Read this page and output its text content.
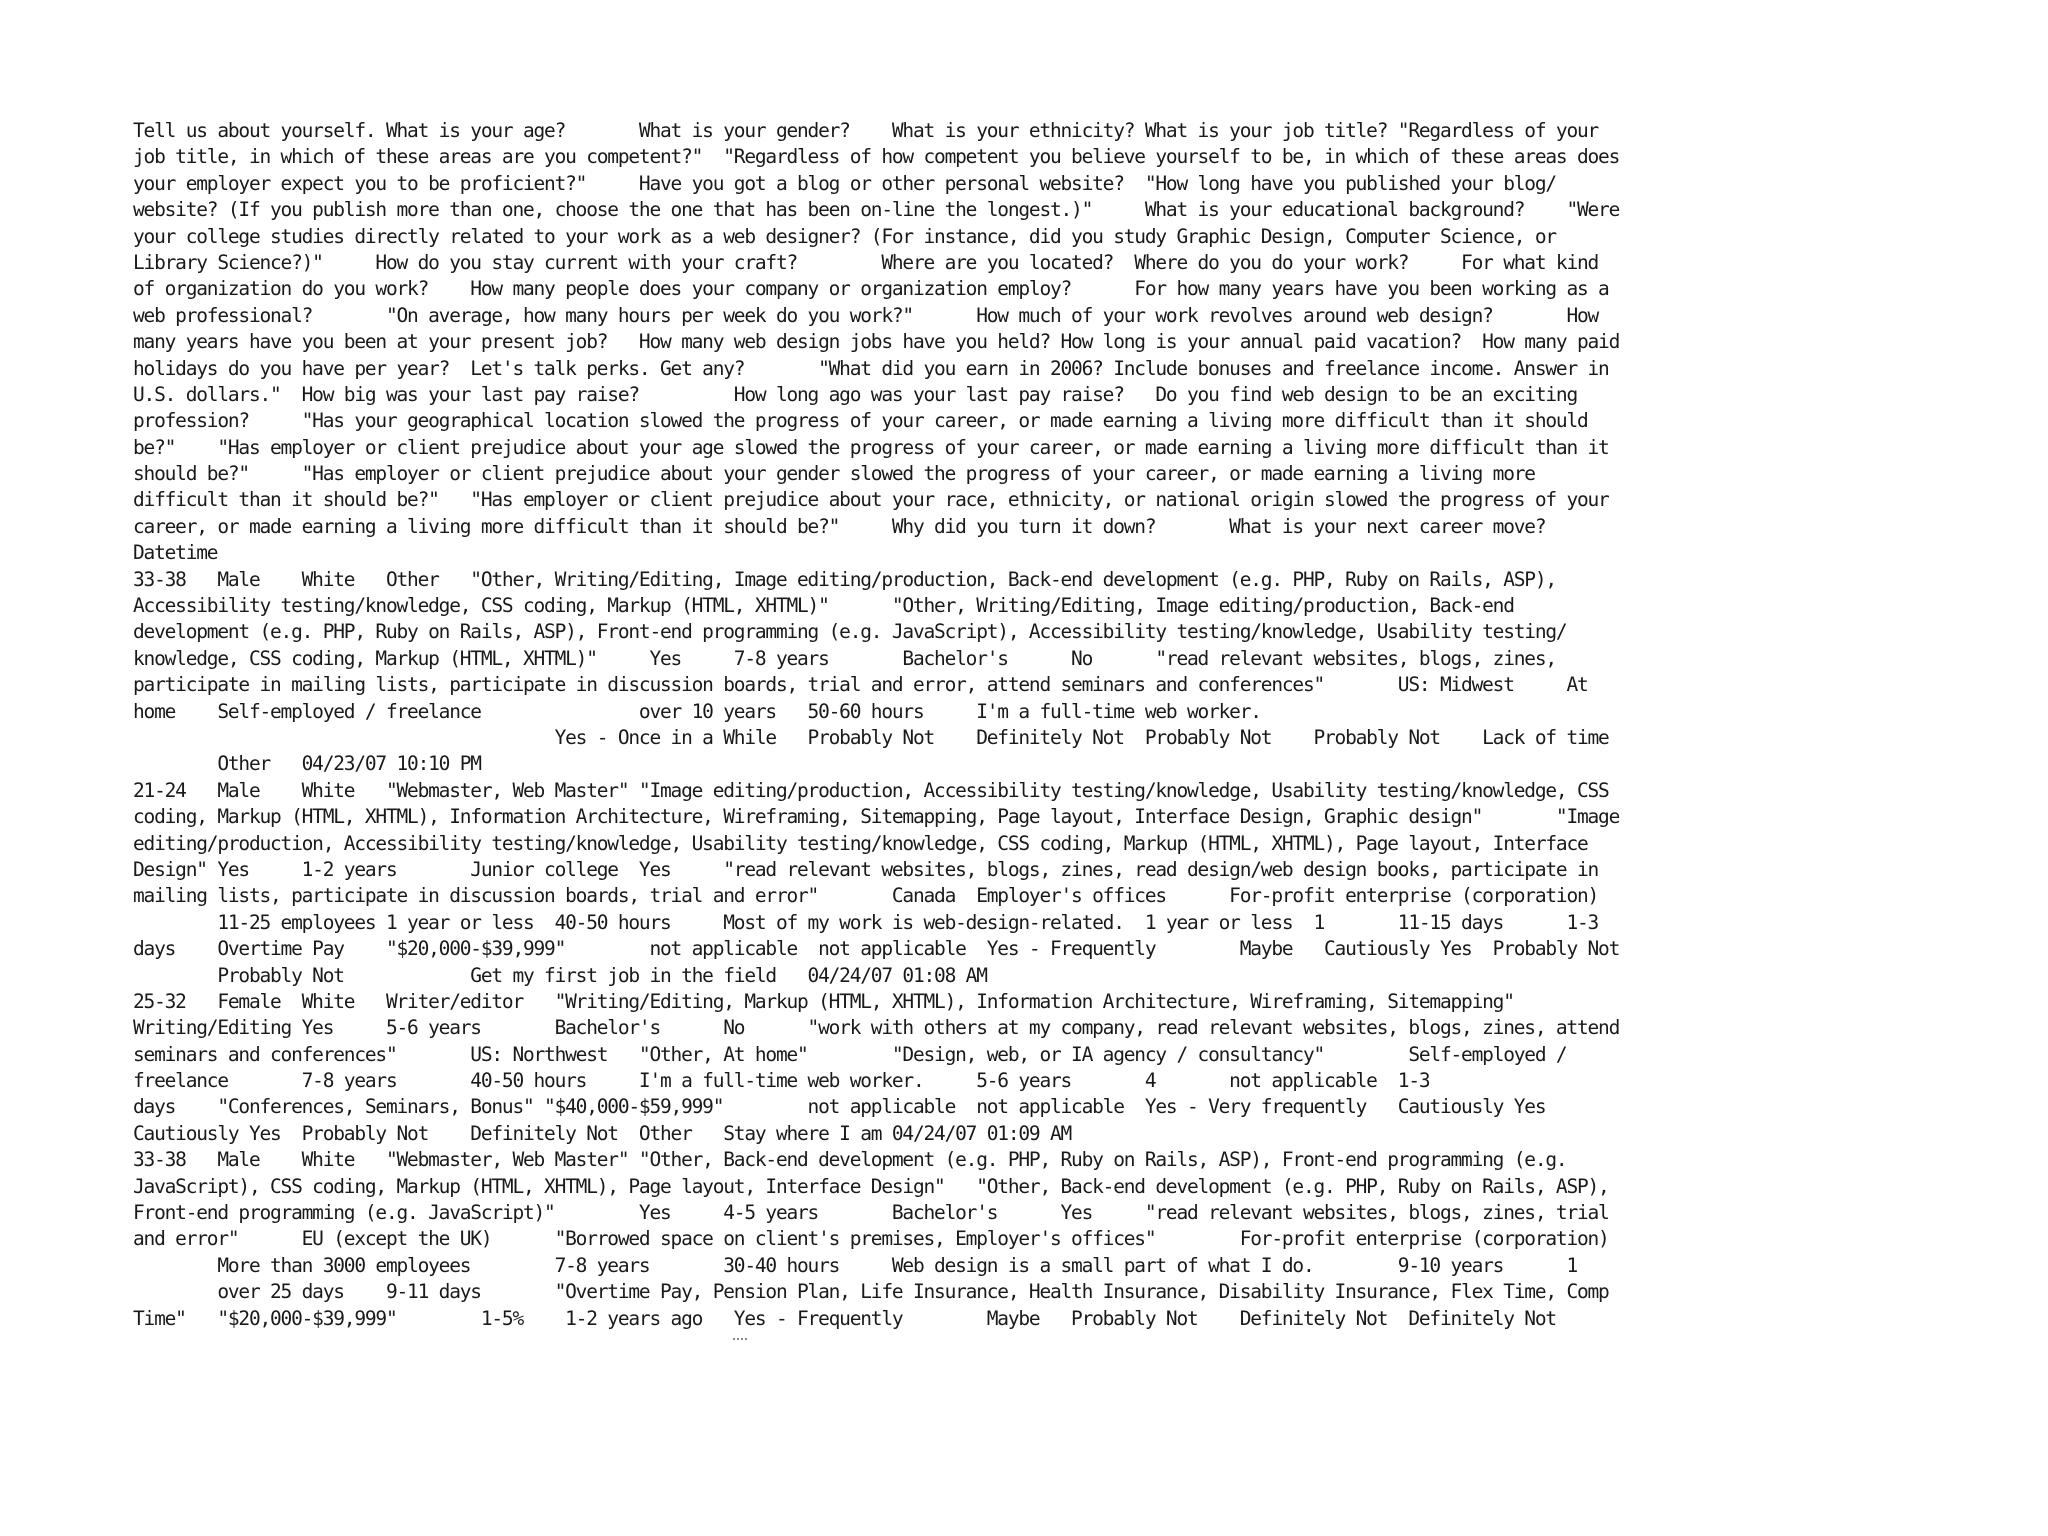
Tell us about yourself. What is your age?       What is your gender?    What is your ethnicity? What is your job title? "Regardless of your
job title, in which of these areas are you competent?"  "Regardless of how competent you believe yourself to be, in which of these areas does
your employer expect you to be proficient?"     Have you got a blog or other personal website?  "How long have you published your blog/
website? (If you publish more than one, choose the one that has been on-line the longest.)"     What is your educational background?    "Were
your college studies directly related to your work as a web designer? (For instance, did you study Graphic Design, Computer Science, or
Library Science?)"     How do you stay current with your craft?        Where are you located?  Where do you do your work?     For what kind
of organization do you work?    How many people does your company or organization employ?      For how many years have you been working as a
web professional?       "On average, how many hours per week do you work?"      How much of your work revolves around web design?       How
many years have you been at your present job?   How many web design jobs have you held? How long is your annual paid vacation?  How many paid
holidays do you have per year?  Let's talk perks. Get any?       "What did you earn in 2006? Include bonuses and freelance income. Answer in
U.S. dollars."  How big was your last pay raise?         How long ago was your last pay raise?   Do you find web design to be an exciting
profession?     "Has your geographical location slowed the progress of your career, or made earning a living more difficult than it should
be?"    "Has employer or client prejudice about your age slowed the progress of your career, or made earning a living more difficult than it
should be?"     "Has employer or client prejudice about your gender slowed the progress of your career, or made earning a living more
difficult than it should be?"   "Has employer or client prejudice about your race, ethnicity, or national origin slowed the progress of your
career, or made earning a living more difficult than it should be?"     Why did you turn it down?       What is your next career move?
Datetime
33-38   Male    White   Other   "Other, Writing/Editing, Image editing/production, Back-end development (e.g. PHP, Ruby on Rails, ASP),
Accessibility testing/knowledge, CSS coding, Markup (HTML, XHTML)"      "Other, Writing/Editing, Image editing/production, Back-end
development (e.g. PHP, Ruby on Rails, ASP), Front-end programming (e.g. JavaScript), Accessibility testing/knowledge, Usability testing/
knowledge, CSS coding, Markup (HTML, XHTML)"     Yes     7-8 years       Bachelor's      No      "read relevant websites, blogs, zines,
participate in mailing lists, participate in discussion boards, trial and error, attend seminars and conferences"       US: Midwest     At
home    Self-employed / freelance               over 10 years   50-60 hours     I'm a full-time web worker.
Yes - Once in a While   Probably Not    Definitely Not  Probably Not    Probably Not    Lack of time
Other   04/23/07 10:10 PM
21-24   Male    White   "Webmaster, Web Master" "Image editing/production, Accessibility testing/knowledge, Usability testing/knowledge, CSS
coding, Markup (HTML, XHTML), Information Architecture, Wireframing, Sitemapping, Page layout, Interface Design, Graphic design"       "Image
editing/production, Accessibility testing/knowledge, Usability testing/knowledge, CSS coding, Markup (HTML, XHTML), Page layout, Interface
Design" Yes     1-2 years       Junior college  Yes     "read relevant websites, blogs, zines, read design/web design books, participate in
mailing lists, participate in discussion boards, trial and error"       Canada  Employer's offices      For-profit enterprise (corporation)
11-25 employees 1 year or less  40-50 hours     Most of my work is web-design-related.  1 year or less  1       11-15 days      1-3
days    Overtime Pay    "$20,000-$39,999"        not applicable  not applicable  Yes - Frequently        Maybe   Cautiously Yes  Probably Not
Probably Not            Get my first job in the field   04/24/07 01:08 AM
25-32   Female  White   Writer/editor   "Writing/Editing, Markup (HTML, XHTML), Information Architecture, Wireframing, Sitemapping"
Writing/Editing Yes     5-6 years       Bachelor's      No      "work with others at my company, read relevant websites, blogs, zines, attend
seminars and conferences"       US: Northwest   "Other, At home"        "Design, web, or IA agency / consultancy"        Self-employed /
freelance       7-8 years       40-50 hours     I'm a full-time web worker.     5-6 years       4       not applicable  1-3
days    "Conferences, Seminars, Bonus" "$40,000-$59,999"        not applicable  not applicable  Yes - Very frequently   Cautiously Yes
Cautiously Yes  Probably Not    Definitely Not  Other   Stay where I am 04/24/07 01:09 AM
33-38   Male    White   "Webmaster, Web Master" "Other, Back-end development (e.g. PHP, Ruby on Rails, ASP), Front-end programming (e.g.
JavaScript), CSS coding, Markup (HTML, XHTML), Page layout, Interface Design"   "Other, Back-end development (e.g. PHP, Ruby on Rails, ASP),
Front-end programming (e.g. JavaScript)"        Yes     4-5 years       Bachelor's      Yes     "read relevant websites, blogs, zines, trial
and error"      EU (except the UK)      "Borrowed space on client's premises, Employer's offices"        For-profit enterprise (corporation)
More than 3000 employees        7-8 years       30-40 hours     Web design is a small part of what I do.        9-10 years      1
over 25 days    9-11 days       "Overtime Pay, Pension Plan, Life Insurance, Health Insurance, Disability Insurance, Flex Time, Comp
Time"   "$20,000-$39,999"        1-5%    1-2 years ago   Yes - Frequently        Maybe   Probably Not    Definitely Not  Definitely Not
